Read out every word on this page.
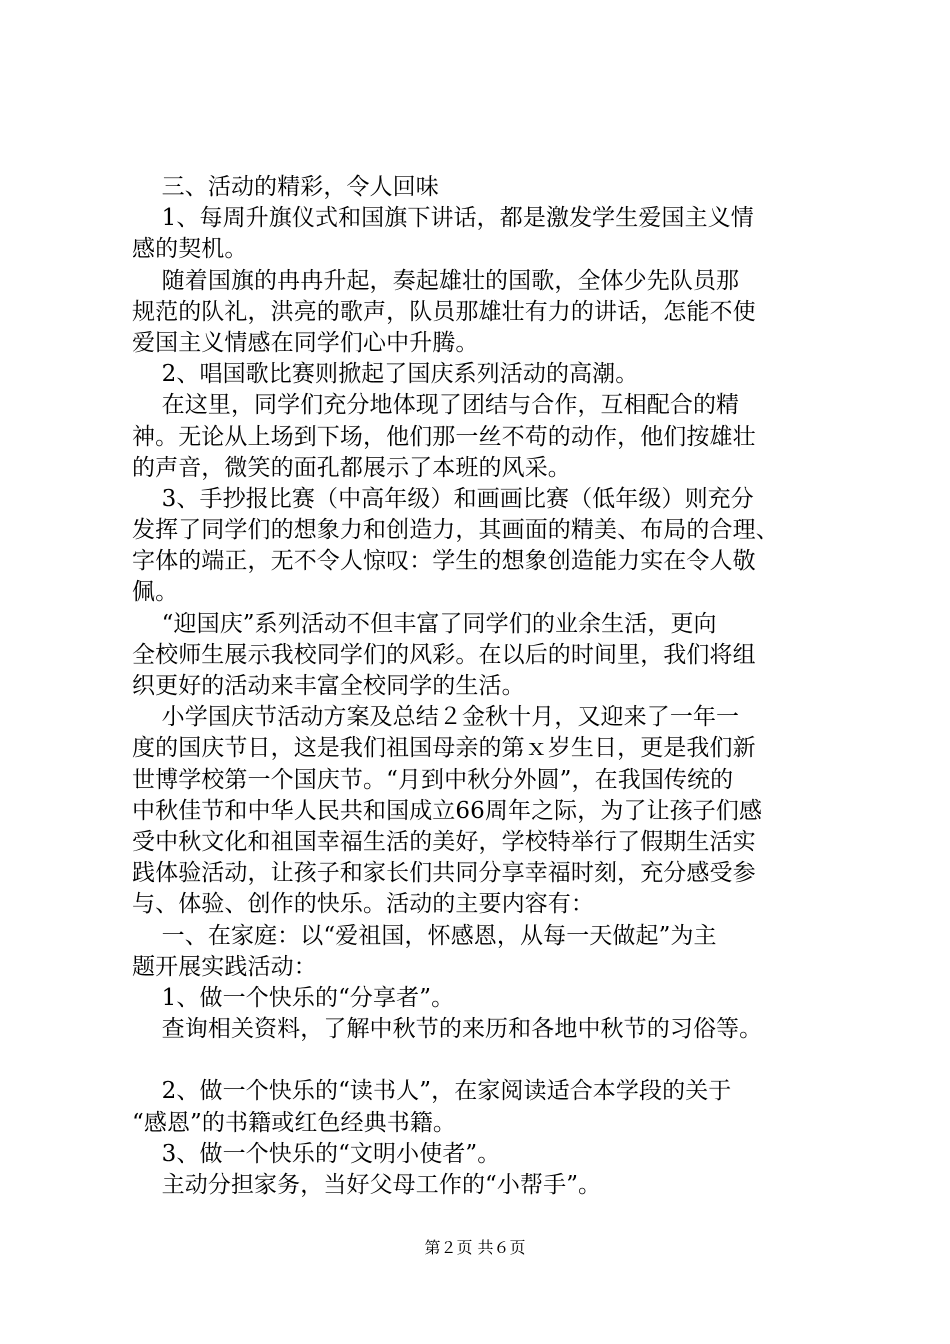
三、活动的精彩，令人回味
1、每周升旗仪式和国旗下讲话，都是激发学生爱国主义情
感的契机。
随着国旗的冉冉升起，奏起雄壮的国歌，全体少先队员那
规范的队礼，洪亮的歌声，队员那雄壮有力的讲话，怎能不使
爱国主义情感在同学们心中升腾。
2、唱国歌比赛则掀起了国庆系列活动的高潮。
在这里，同学们充分地体现了团结与合作，互相配合的精
神。无论从上场到下场，他们那一丝不苟的动作，他们按雄壮
的声音，微笑的面孔都展示了本班的风采。
3、手抄报比赛（中高年级）和画画比赛（低年级）则充分
发挥了同学们的想象力和创造力，其画面的精美、布局的合理、
字体的端正，无不令人惊叹：学生的想象创造能力实在令人敬
佩。
“迎国庆”系列活动不但丰富了同学们的业余生活，更向
全校师生展示我校同学们的风彩。在以后的时间里，我们将组
织更好的活动来丰富全校同学的生活。
小学国庆节活动方案及总结２金秋十月，又迎来了一年一
度的国庆节日，这是我们祖国母亲的第ｘ岁生日，更是我们新
世博学校第一个国庆节。“月到中秋分外圆”，在我国传统的
中秋佳节和中华人民共和国成立66周年之际，为了让孩子们感
受中秋文化和祖国幸福生活的美好，学校特举行了假期生活实
践体验活动，让孩子和家长们共同分享幸福时刻，充分感受参
与、体验、创作的快乐。活动的主要内容有：
一、在家庭：以“爱祖国，怀感恩，从每一天做起”为主
题开展实践活动：
1、做一个快乐的“分享者”。
查询相关资料，了解中秋节的来历和各地中秋节的习俗等。
2、做一个快乐的“读书人”，在家阅读适合本学段的关于
“感恩”的书籍或红色经典书籍。
3、做一个快乐的“文明小使者”。
主动分担家务，当好父母工作的“小帮手”。
第２页 共６页
